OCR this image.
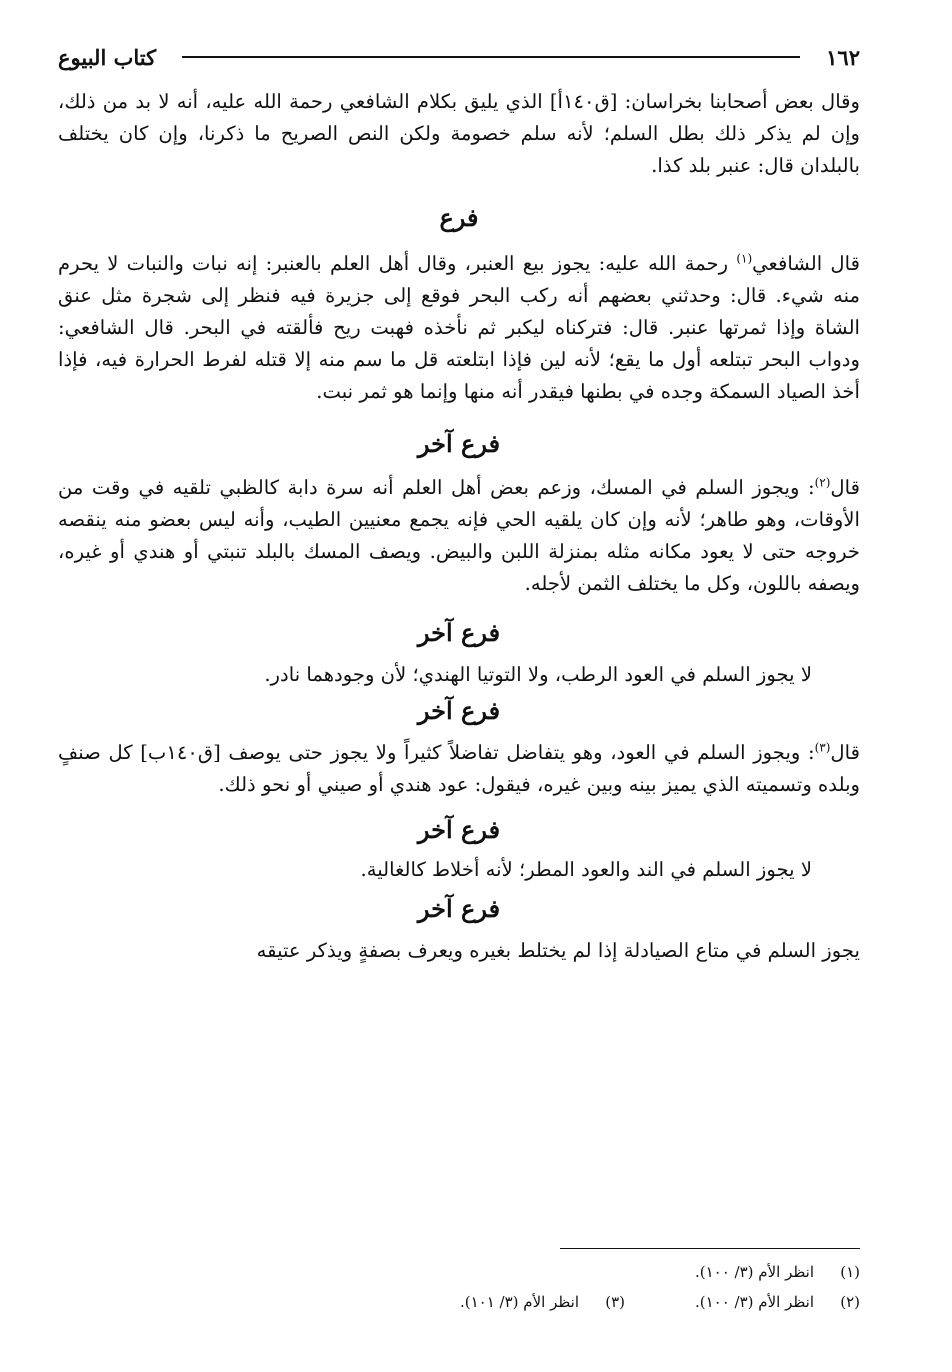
١٦٢
كتاب البيوع

وقال بعض أصحابنا بخراسان: [ق١٤٠أ] الذي يليق بكلام الشافعي رحمة الله عليه، أنه لا بد من ذلك، وإن لم يذكر ذلك بطل السلم؛ لأنه سلم خصومة ولكن النص الصريح ما ذكرنا، وإن كان يختلف بالبلدان قال: عنبر بلد كذا.

فرع

قال الشافعي$^{(١)}$ رحمة الله عليه: يجوز بيع العنبر، وقال أهل العلم بالعنبر: إنه نبات والنبات لا يحرم منه شيء. قال: وحدثني بعضهم أنه ركب البحر فوقع إلى جزيرة فيه فنظر إلى شجرة مثل عنق الشاة وإذا ثمرتها عنبر. قال: فتركناه ليكبر ثم نأخذه فهبت ريح فألقته في البحر. قال الشافعي: ودواب البحر تبتلعه أول ما يقع؛ لأنه لين فإذا ابتلعته قل ما سم منه إلا قتله لفرط الحرارة فيه، فإذا أخذ الصياد السمكة وجده في بطنها فيقدر أنه منها وإنما هو ثمر نبت.

فرع آخر

قال$^{(٢)}$: ويجوز السلم في المسك، وزعم بعض أهل العلم أنه سرة دابة كالظبي تلقيه في وقت من الأوقات، وهو طاهر؛ لأنه وإن كان يلقيه الحي فإنه يجمع معنيين الطيب، وأنه ليس بعضو منه ينقصه خروجه حتى لا يعود مكانه مثله بمنزلة اللبن والبيض. ويصف المسك بالبلد تنبتي أو هندي أو غيره، ويصفه باللون، وكل ما يختلف الثمن لأجله.

فرع آخر

لا يجوز السلم في العود الرطب، ولا التوتيا الهندي؛ لأن وجودهما نادر.

فرع آخر

قال$^{(٣)}$: ويجوز السلم في العود، وهو يتفاضل تفاضلاً كثيراً ولا يجوز حتى يوصف [ق١٤٠ب] كل صنفٍ وبلده وتسميته الذي يميز بينه وبين غيره، فيقول: عود هندي أو صيني أو نحو ذلك.

فرع آخر

لا يجوز السلم في الند والعود المطر؛ لأنه أخلاط كالغالية.

فرع آخر

يجوز السلم في متاع الصيادلة إذا لم يختلط بغيره ويعرف بصفةٍ ويذكر عتيقه

(١)
انظر الأم (٣/ ١٠٠).
(٢)
انظر الأم (٣/ ١٠٠).
(٣)
انظر الأم (٣/ ١٠١).
